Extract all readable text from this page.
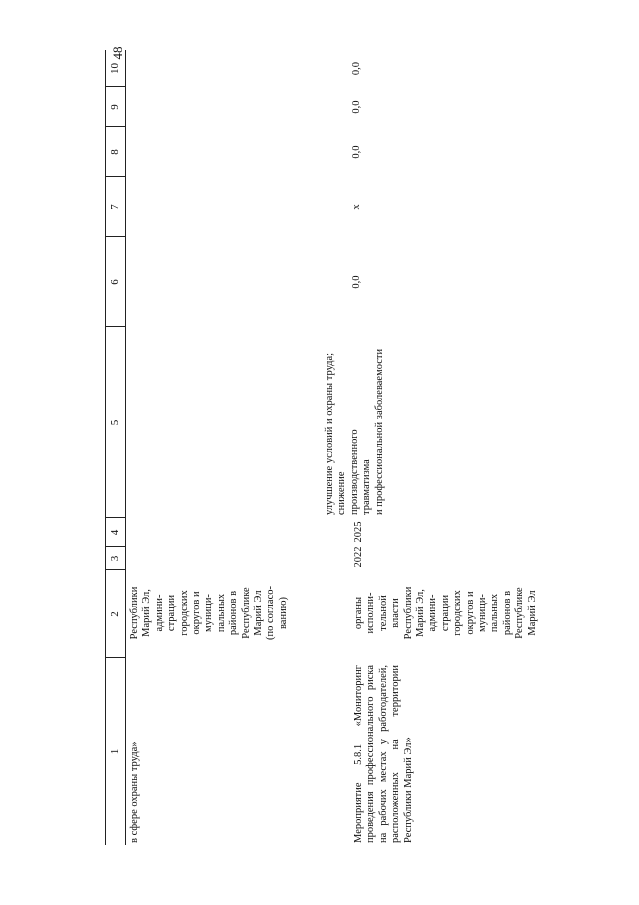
48
1
2
3
4
5
6
7
8
9
10
в сфере охраны труда»
Республики
Марий Эл,
админи-
страции
городских
округов и
муници-
пальных
районов в
Республике
Марий Эл
(по согласо-
ванию)
Мероприятие 5.8.1 «Мониторинг проведения профессионального риска на рабочих местах у работодателей, расположенных на территории Республики Марий Эл»
органы
исполни-
тельной
власти
Республики
Марий Эл,
админи-
страции
городских
округов и
муници-
пальных
районов в
Республике
Марий Эл
2022
2025
улучшение условий и охраны труда;
снижение
производственного
травматизма
и профессиональной заболеваемости
х
0,0
0,0
0,0
0,0
